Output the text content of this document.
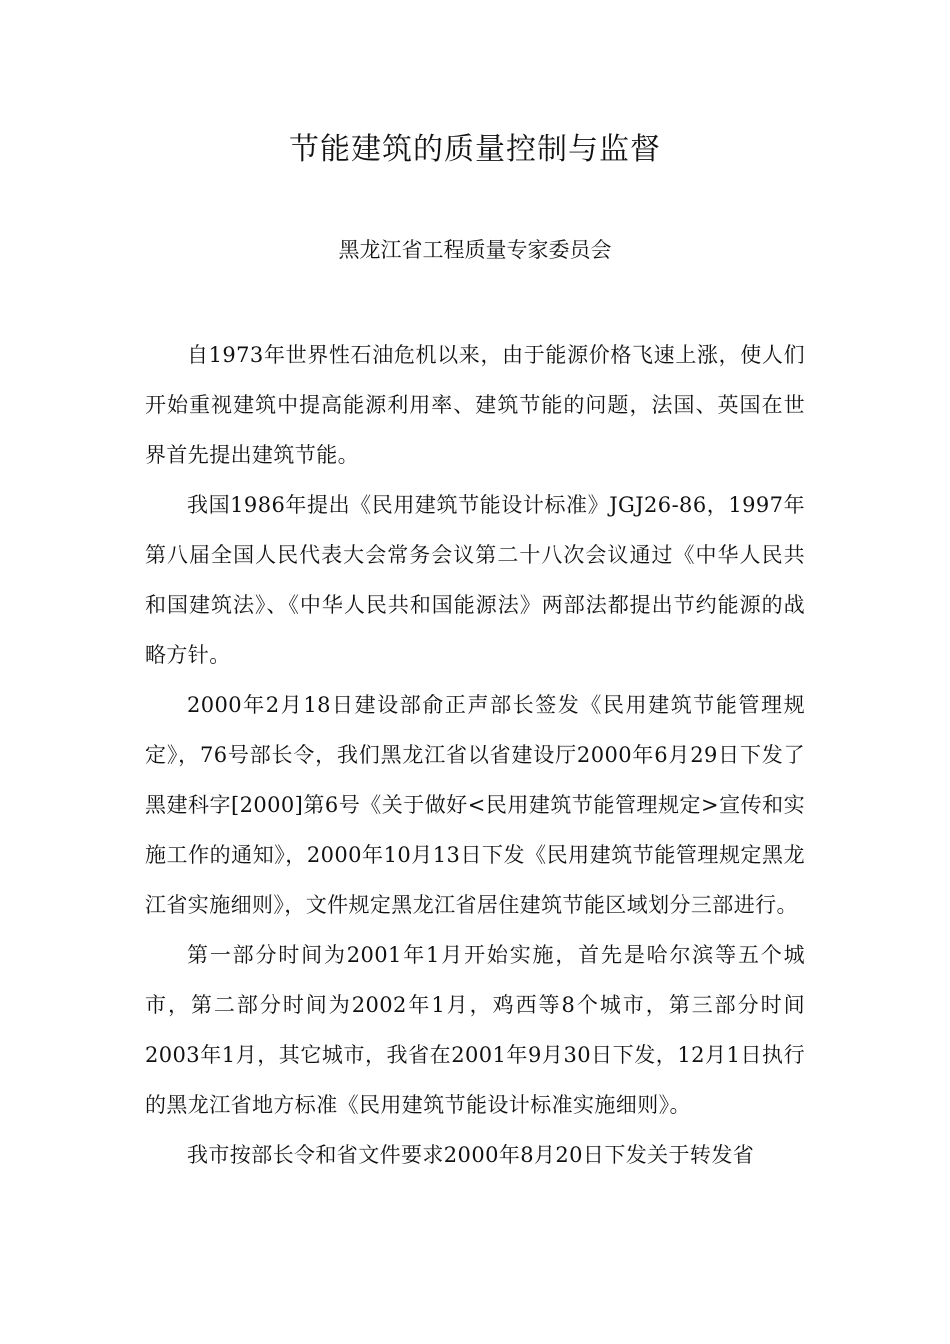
节能建筑的质量控制与监督
黑龙江省工程质量专家委员会

自1973年世界性石油危机以来，由于能源价格飞速上涨，使人们开始重视建筑中提高能源利用率、建筑节能的问题，法国、英国在世界首先提出建筑节能。

我国1986年提出《民用建筑节能设计标准》JGJ26-86，1997年第八届全国人民代表大会常务会议第二十八次会议通过《中华人民共和国建筑法》、《中华人民共和国能源法》两部法都提出节约能源的战略方针。

2000年2月18日建设部俞正声部长签发《民用建筑节能管理规定》，76号部长令，我们黑龙江省以省建设厅2000年6月29日下发了黑建科字[2000]第6号《关于做好<民用建筑节能管理规定>宣传和实施工作的通知》，2000年10月13日下发《民用建筑节能管理规定黑龙江省实施细则》，文件规定黑龙江省居住建筑节能区域划分三部进行。

第一部分时间为2001年1月开始实施，首先是哈尔滨等五个城市，第二部分时间为2002年1月，鸡西等8个城市，第三部分时间2003年1月，其它城市，我省在2001年9月30日下发，12月1日执行的黑龙江省地方标准《民用建筑节能设计标准实施细则》。

我市按部长令和省文件要求2000年8月20日下发关于转发省
